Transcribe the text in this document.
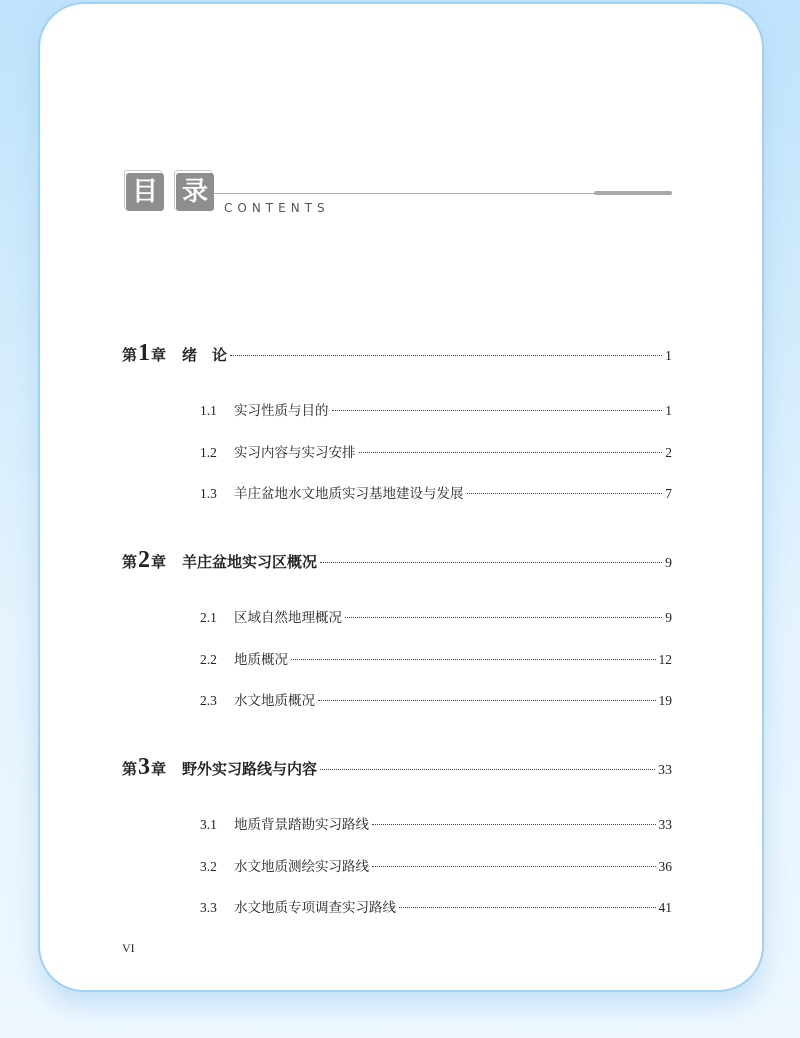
目 录
CONTENTS
第 1 章 绪　论	1
1.1	实习性质与目的	1
1.2	实习内容与实习安排	2
1.3	羊庄盆地水文地质实习基地建设与发展	7
第 2 章 羊庄盆地实习区概况	9
2.1	区域自然地理概况	9
2.2	地质概况	12
2.3	水文地质概况	19
第 3 章 野外实习路线与内容	33
3.1	地质背景踏勘实习路线	33
3.2	水文地质测绘实习路线	36
3.3	水文地质专项调查实习路线	41
VI
